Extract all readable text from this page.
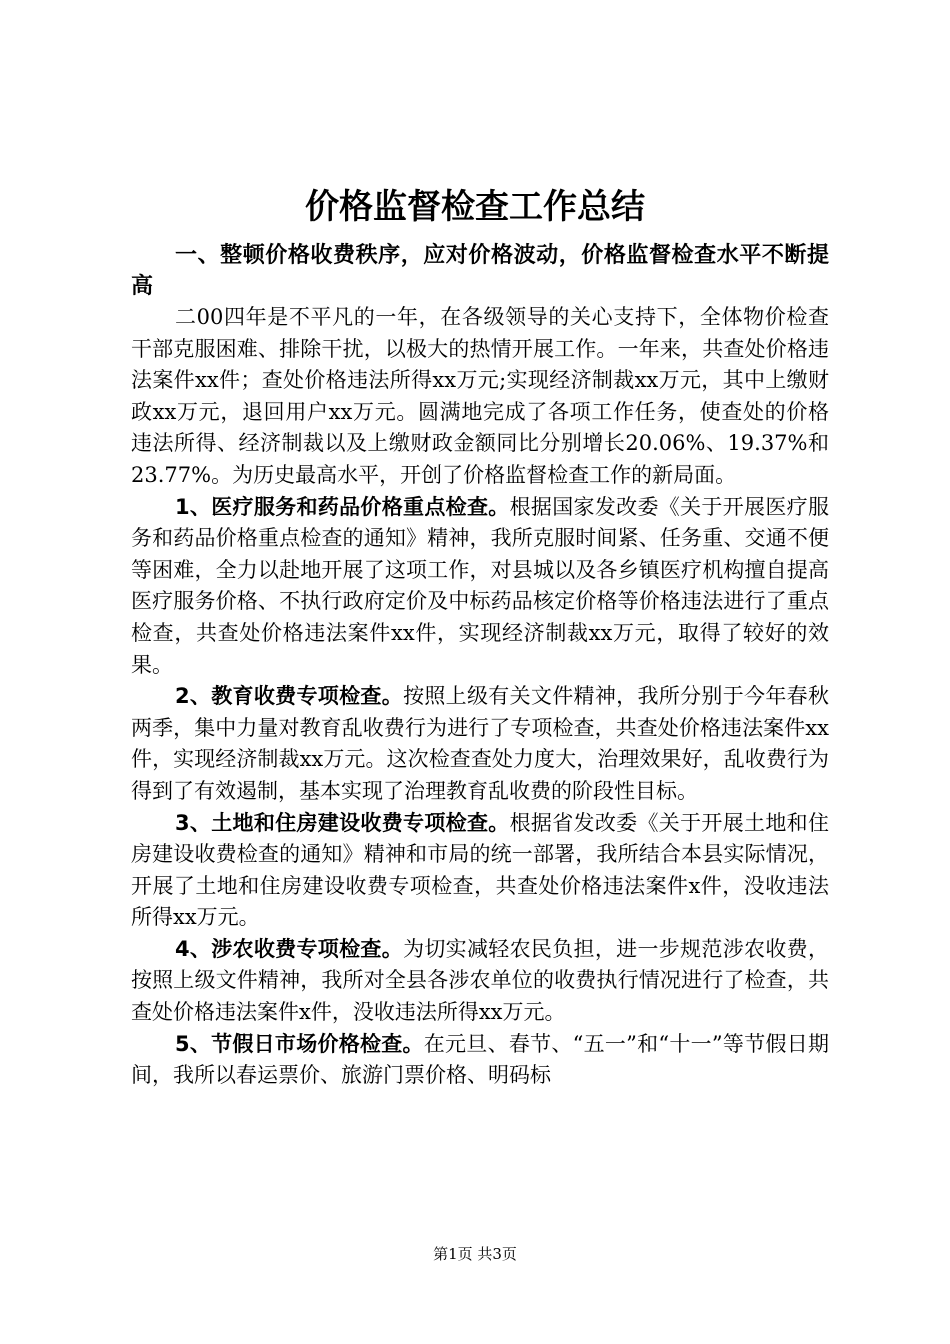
价格监督检查工作总结

一、整顿价格收费秩序，应对价格波动，价格监督检查水平不断提高

二00四年是不平凡的一年，在各级领导的关心支持下，全体物价检查干部克服困难、排除干扰，以极大的热情开展工作。一年来，共查处价格违法案件xx件；查处价格违法所得xx万元;实现经济制裁xx万元，其中上缴财政xx万元，退回用户xx万元。圆满地完成了各项工作任务，使查处的价格违法所得、经济制裁以及上缴财政金额同比分别增长20.06%、19.37%和23.77%。为历史最高水平，开创了价格监督检查工作的新局面。

1、医疗服务和药品价格重点检查。根据国家发改委《关于开展医疗服务和药品价格重点检查的通知》精神，我所克服时间紧、任务重、交通不便等困难，全力以赴地开展了这项工作，对县城以及各乡镇医疗机构擅自提高医疗服务价格、不执行政府定价及中标药品核定价格等价格违法进行了重点检查，共查处价格违法案件xx件，实现经济制裁xx万元，取得了较好的效果。

2、教育收费专项检查。按照上级有关文件精神，我所分别于今年春秋两季，集中力量对教育乱收费行为进行了专项检查，共查处价格违法案件xx件，实现经济制裁xx万元。这次检查查处力度大，治理效果好，乱收费行为得到了有效遏制，基本实现了治理教育乱收费的阶段性目标。

3、土地和住房建设收费专项检查。根据省发改委《关于开展土地和住房建设收费检查的通知》精神和市局的统一部署，我所结合本县实际情况，开展了土地和住房建设收费专项检查，共查处价格违法案件x件，没收违法所得xx万元。

4、涉农收费专项检查。为切实减轻农民负担，进一步规范涉农收费，按照上级文件精神，我所对全县各涉农单位的收费执行情况进行了检查，共查处价格违法案件x件，没收违法所得xx万元。

5、节假日市场价格检查。在元旦、春节、“五一”和“十一”等节假日期间，我所以春运票价、旅游门票价格、明码标

第1页 共3页
